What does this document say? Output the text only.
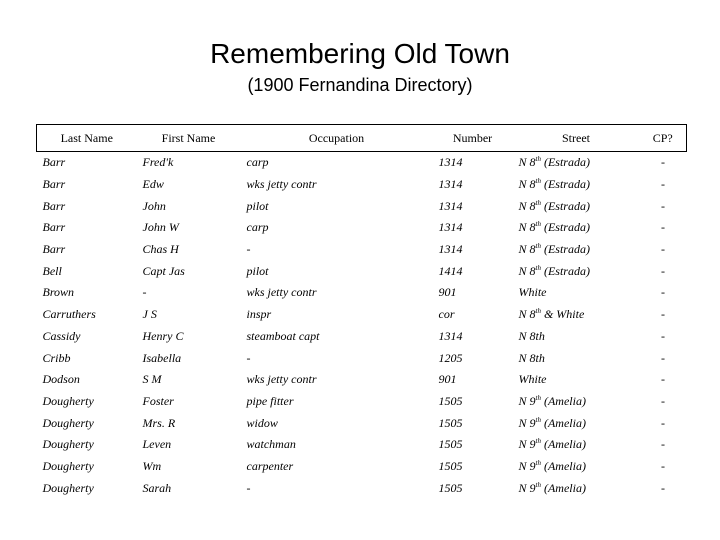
Remembering Old Town
(1900 Fernandina Directory)
Last Name	First Name	Occupation	Number	Street	CP?
Barr	Fred'k	carp	1314	N 8th (Estrada)	-
Barr	Edw	wks jetty contr	1314	N 8th (Estrada)	-
Barr	John	pilot	1314	N 8th (Estrada)	-
Barr	John W	carp	1314	N 8th (Estrada)	-
Barr	Chas H	-	1314	N 8th (Estrada)	-
Bell	Capt Jas	pilot	1414	N 8th (Estrada)	-
Brown	-	wks jetty contr	901	White	-
Carruthers	J S	inspr	cor	N 8th & White	-
Cassidy	Henry C	steamboat capt	1314	N 8th	-
Cribb	Isabella	-	1205	N 8th	-
Dodson	S M	wks jetty contr	901	White	-
Dougherty	Foster	pipe fitter	1505	N 9th (Amelia)	-
Dougherty	Mrs. R	widow	1505	N 9th (Amelia)	-
Dougherty	Leven	watchman	1505	N 9th (Amelia)	-
Dougherty	Wm	carpenter	1505	N 9th (Amelia)	-
Dougherty	Sarah	-	1505	N 9th (Amelia)	-
